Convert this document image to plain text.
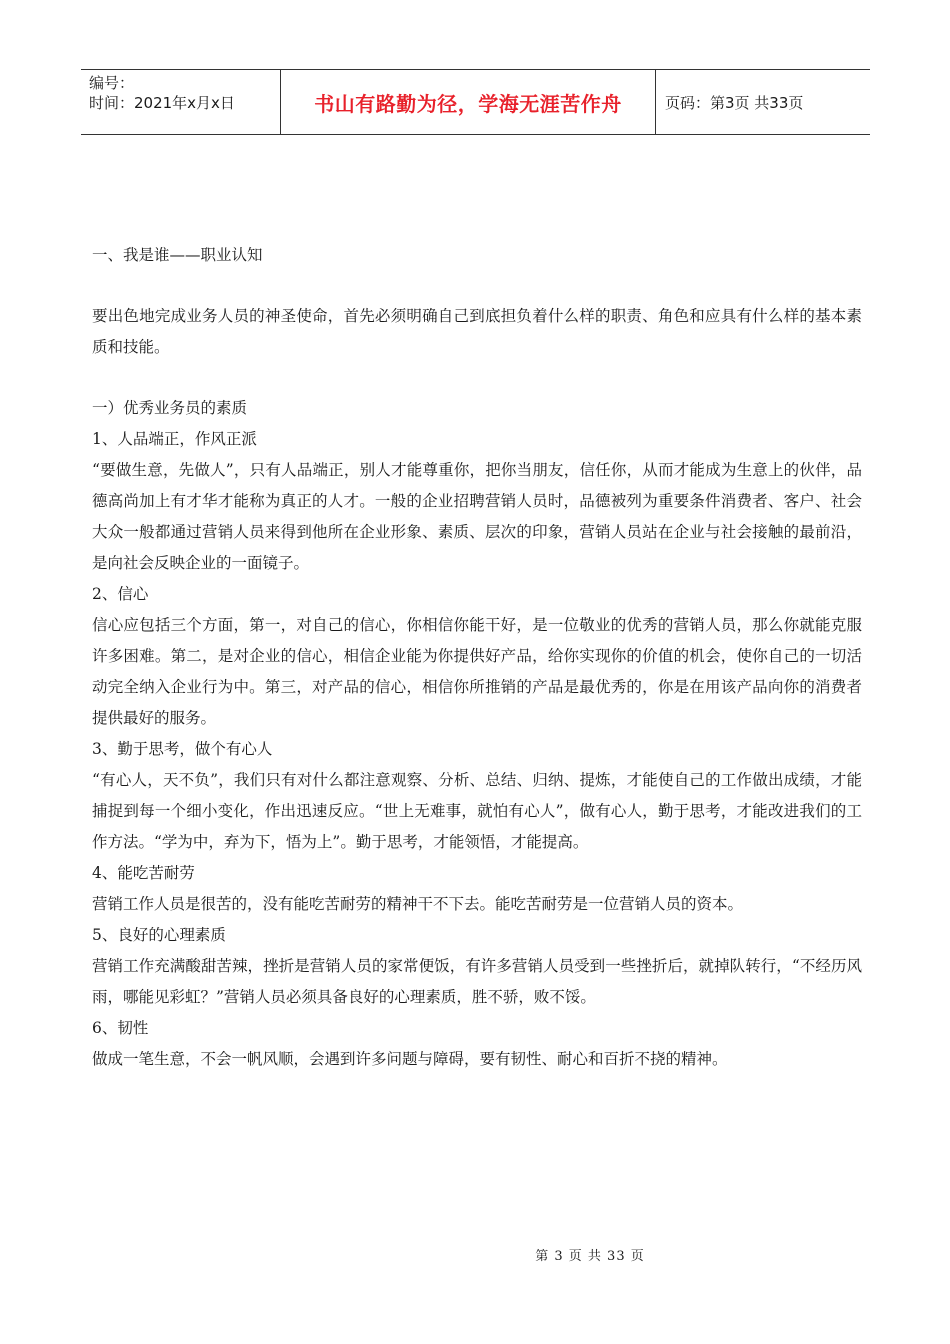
编号：
时间：2021年x月x日	书山有路勤为径，学海无涯苦作舟	页码：第3页 共33页

一、我是谁——职业认知

要出色地完成业务人员的神圣使命，首先必须明确自己到底担负着什么样的职责、角色和应具有什么样的基本素质和技能。

一）优秀业务员的素质

1、人品端正，作风正派

“要做生意，先做人”，只有人品端正，别人才能尊重你，把你当朋友，信任你，从而才能成为生意上的伙伴，品德高尚加上有才华才能称为真正的人才。一般的企业招聘营销人员时，品德被列为重要条件消费者、客户、社会大众一般都通过营销人员来得到他所在企业形象、素质、层次的印象，营销人员站在企业与社会接触的最前沿，是向社会反映企业的一面镜子。

2、信心

信心应包括三个方面，第一，对自己的信心，你相信你能干好，是一位敬业的优秀的营销人员，那么你就能克服许多困难。第二，是对企业的信心，相信企业能为你提供好产品，给你实现你的价值的机会，使你自己的一切活动完全纳入企业行为中。第三，对产品的信心，相信你所推销的产品是最优秀的，你是在用该产品向你的消费者提供最好的服务。

3、勤于思考，做个有心人

“有心人，天不负”，我们只有对什么都注意观察、分析、总结、归纳、提炼，才能使自己的工作做出成绩，才能捕捉到每一个细小变化，作出迅速反应。“世上无难事，就怕有心人”，做有心人，勤于思考，才能改进我们的工作方法。“学为中，弃为下，悟为上”。勤于思考，才能领悟，才能提高。

4、能吃苦耐劳

营销工作人员是很苦的，没有能吃苦耐劳的精神干不下去。能吃苦耐劳是一位营销人员的资本。

5、良好的心理素质

营销工作充满酸甜苦辣，挫折是营销人员的家常便饭，有许多营销人员受到一些挫折后，就掉队转行，“不经历风雨，哪能见彩虹？”营销人员必须具备良好的心理素质，胜不骄，败不馁。

6、韧性

做成一笔生意，不会一帆风顺，会遇到许多问题与障碍，要有韧性、耐心和百折不挠的精神。

第 3 页 共 33 页
